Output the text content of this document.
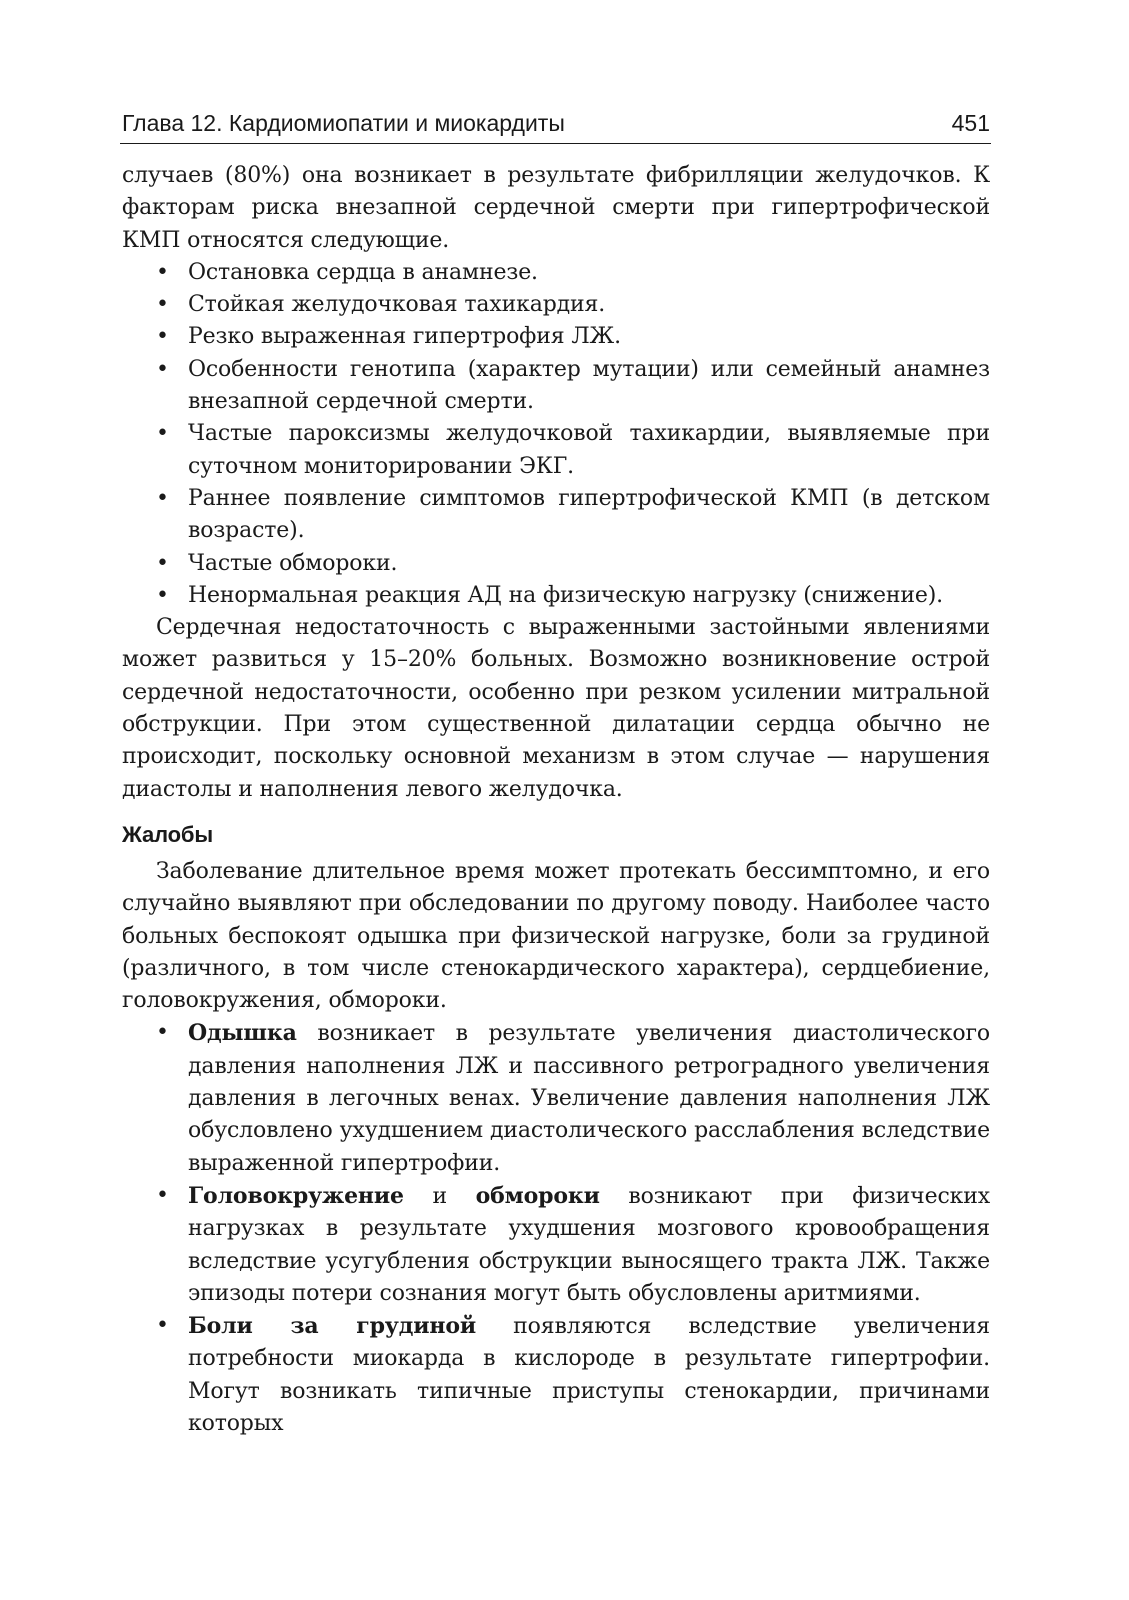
Глава 12. Кардиомиопатии и миокардиты	451

случаев (80%) она возникает в результате фибрилляции желудочков. К факторам риска внезапной сердечной смерти при гипертрофической КМП относятся следующие.

• Остановка сердца в анамнезе.
• Стойкая желудочковая тахикардия.
• Резко выраженная гипертрофия ЛЖ.
• Особенности генотипа (характер мутации) или семейный анамнез внезапной сердечной смерти.
• Частые пароксизмы желудочковой тахикардии, выявляемые при суточном мониторировании ЭКГ.
• Раннее появление симптомов гипертрофической КМП (в детском возрасте).
• Частые обмороки.
• Ненормальная реакция АД на физическую нагрузку (снижение).

Сердечная недостаточность с выраженными застойными явлениями может развиться у 15–20% больных. Возможно возникновение острой сердечной недостаточности, особенно при резком усилении митральной обструкции. При этом существенной дилатации сердца обычно не происходит, поскольку основной механизм в этом случае — нарушения диастолы и наполнения левого желудочка.

Жалобы

Заболевание длительное время может протекать бессимптомно, и его случайно выявляют при обследовании по другому поводу. Наиболее часто больных беспокоят одышка при физической нагрузке, боли за грудиной (различного, в том числе стенокардического характера), сердцебиение, головокружения, обмороки.

• Одышка возникает в результате увеличения диастолического давления наполнения ЛЖ и пассивного ретроградного увеличения давления в легочных венах. Увеличение давления наполнения ЛЖ обусловлено ухудшением диастолического расслабления вследствие выраженной гипертрофии.
• Головокружение и обмороки возникают при физических нагрузках в результате ухудшения мозгового кровообращения вследствие усугубления обструкции выносящего тракта ЛЖ. Также эпизоды потери сознания могут быть обусловлены аритмиями.
• Боли за грудиной появляются вследствие увеличения потребности миокарда в кислороде в результате гипертрофии. Могут возникать типичные приступы стенокардии, причинами которых
